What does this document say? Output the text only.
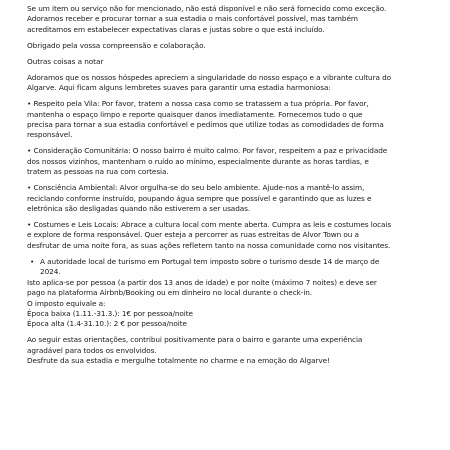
Se um item ou serviço não for mencionado, não está disponível e não será fornecido como exceção.
Adoramos receber e procurar tornar a sua estadia o mais confortável possível, mas também
acreditamos em estabelecer expectativas claras e justas sobre o que está incluído.

Obrigado pela vossa compreensão e colaboração.

Outras coisas a notar

Adoramos que os nossos hóspedes apreciem a singularidade do nosso espaço e a vibrante cultura do
Algarve. Aqui ficam alguns lembretes suaves para garantir uma estadia harmoniosa:

• Respeito pela Vila: Por favor, tratem a nossa casa como se tratassem a tua própria. Por favor,
mantenha o espaço limpo e reporte quaisquer danos imediatamente. Fornecemos tudo o que
precisa para tornar a sua estadia confortável e pedimos que utilize todas as comodidades de forma
responsável.

• Consideração Comunitária: O nosso bairro é muito calmo. Por favor, respeitem a paz e privacidade
dos nossos vizinhos, mantenham o ruído ao mínimo, especialmente durante as horas tardias, e
tratem as pessoas na rua com cortesia.

• Consciência Ambiental: Alvor orgulha-se do seu belo ambiente. Ajude-nos a mantê-lo assim,
reciclando conforme instruído, poupando água sempre que possível e garantindo que as luzes e
eletrónica são desligadas quando não estiverem a ser usadas.

• Costumes e Leis Locais: Abrace a cultura local com mente aberta. Cumpra as leis e costumes locais
e explore de forma responsável. Quer esteja a percorrer as ruas estreitas de Alvor Town ou a
desfrutar de uma noite fora, as suas ações refletem tanto na nossa comunidade como nos visitantes.

• A autoridade local de turismo em Portugal tem imposto sobre o turismo desde 14 de março de
2024.
Isto aplica-se por pessoa (a partir dos 13 anos de idade) e por noite (máximo 7 noites) e deve ser
pago na plataforma Airbnb/Booking ou em dinheiro no local durante o check-in.
O imposto equivale a:
Época baixa (1.11.-31.3.): 1€ por pessoa/noite
Época alta (1.4-31.10.): 2 € por pessoa/noite

Ao seguir estas orientações, contribui positivamente para o bairro e garante uma experiência
agradável para todos os envolvidos.
Desfrute da sua estadia e mergulhe totalmente no charme e na emoção do Algarve!
